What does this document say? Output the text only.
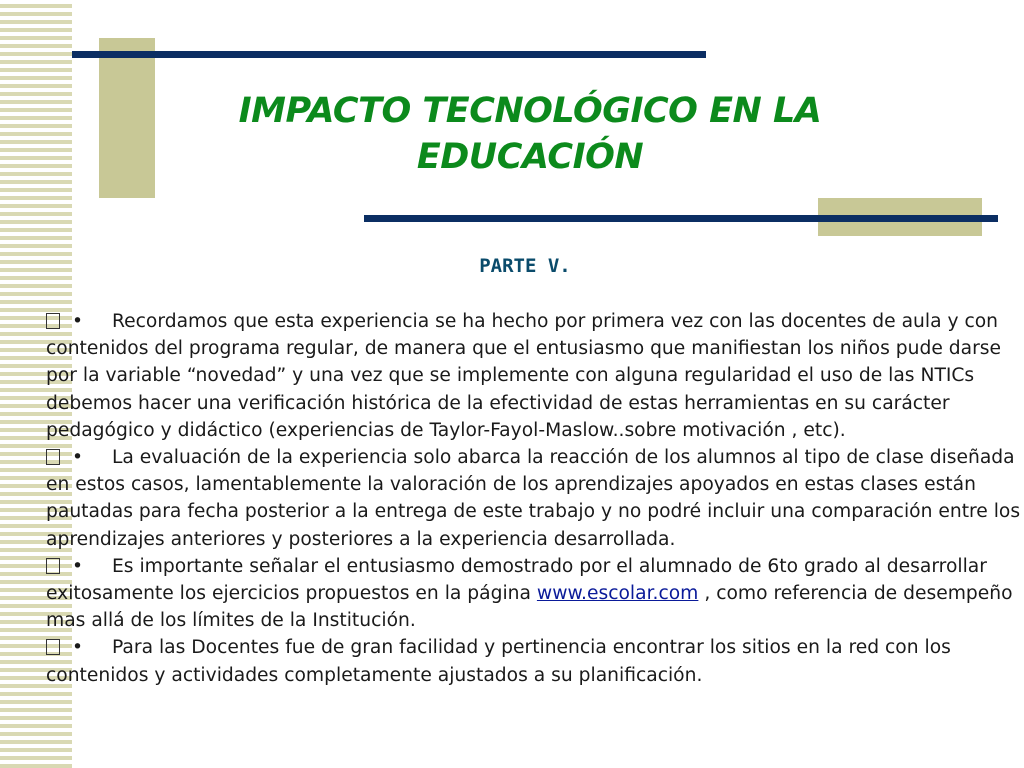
IMPACTO TECNOLÓGICO EN LA EDUCACIÓN
PARTE V.

• Recordamos que esta experiencia se ha hecho por primera vez con las docentes de aula y con contenidos del programa regular, de manera que el entusiasmo que manifiestan los niños pude darse por la variable “novedad” y una vez que se implemente con alguna regularidad el uso de las NTICs debemos hacer una verificación histórica de la efectividad de estas herramientas en su carácter pedagógico y didáctico (experiencias de Taylor-Fayol-Maslow..sobre motivación , etc).

• La evaluación de la experiencia solo abarca la reacción de los alumnos al tipo de clase diseñada en estos casos, lamentablemente la valoración de los aprendizajes apoyados en estas clases están pautadas para fecha posterior a la entrega de este trabajo y no podré incluir una comparación entre los aprendizajes anteriores y posteriores a la experiencia desarrollada.

• Es importante señalar el entusiasmo demostrado por el alumnado de 6to grado al desarrollar exitosamente los ejercicios propuestos en la página www.escolar.com , como referencia de desempeño mas allá de los límites de la Institución.

• Para las Docentes fue de gran facilidad y pertinencia encontrar los sitios en la red con los contenidos y actividades completamente ajustados a su planificación.
